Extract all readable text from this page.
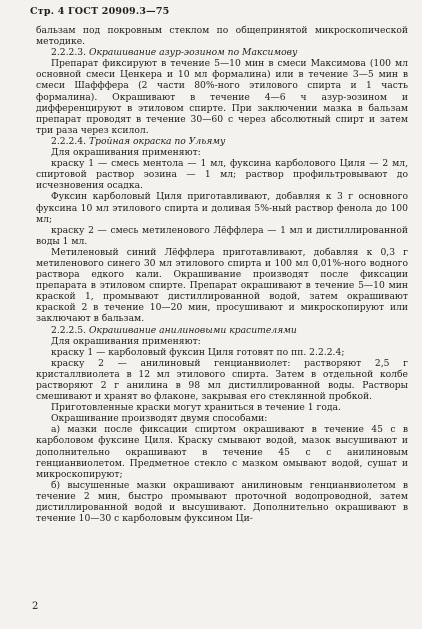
Стр. 4 ГОСТ 20909.3—75

бальзам под покровным стеклом по общепринятой микроскопической методике.

2.2.2.3. Окрашивание азур-эозином по Максимову

Препарат фиксируют в течение 5—10 мин в смеси Максимова (100 мл основной смеси Ценкера и 10 мл формалина) или в течение 3—5 мин в смеси Шафффера (2 части 80%-ного этилового спирта и 1 часть формалина). Окрашивают в течение 4—6 ч азур-эозином и дифференцируют в этиловом спирте. При заключении мазка в бальзам препарат проводят в течение 30—60 с через абсолютный спирт и затем три раза через ксилол.

2.2.2.4. Тройная окраска по Ульяму

Для окрашивания применяют:

краску 1 — смесь ментола — 1 мл, фуксина карболового Циля — 2 мл, спиртовой раствор эозина — 1 мл; раствор профильтровывают до исчезновения осадка.

Фуксин карболовый Циля приготавливают, добавляя к 3 г основного фуксина 10 мл этилового спирта и доливая 5%-ный раствор фенола до 100 мл;

краску 2 — смесь метиленового Лёффлера — 1 мл и дистиллированной воды 1 мл.

Метиленовый синий Лёффлера приготавливают, добавляя к 0,3 г метиленового синего 30 мл этилового спирта и 100 мл 0,01%-ного водного раствора едкого кали. Окрашивание производят после фиксации препарата в этиловом спирте. Препарат окрашивают в течение 5—10 мин краской 1, промывают дистиллированной водой, затем окрашивают краской 2 в течение 10—20 мин, просушивают и микроскопируют или заключают в бальзам.

2.2.2.5. Окрашивание анилиновыми красителями

Для окрашивания применяют:

краску 1 — карболовый фуксин Циля готовят по пп. 2.2.2.4;

краску 2 — анилиновый генцианвиолет: растворяют 2,5 г кристаллвиолета в 12 мл этилового спирта. Затем в отдельной колбе растворяют 2 г анилина в 98 мл дистиллированной воды. Растворы смешивают и хранят во флаконе, закрывая его стеклянной пробкой.

Приготовленные краски могут храниться в течение 1 года.

Окрашивание производят двумя способами:

а) мазки после фиксации спиртом окрашивают в течение 45 с в карболовом фуксине Циля. Краску смывают водой, мазок высушивают и дополнительно окрашивают в течение 45 с с анилиновым генцианвиолетом. Предметное стекло с мазком омывают водой, сушат и микроскопируют;

б) высушенные мазки окрашивают анилиновым генцианвиолетом в течение 2 мин, быстро промывают проточной водопроводной, затем дистиллированной водой и высушивают. Дополнительно окрашивают в течение 10—30 с карболовым фуксином Ци-

2
